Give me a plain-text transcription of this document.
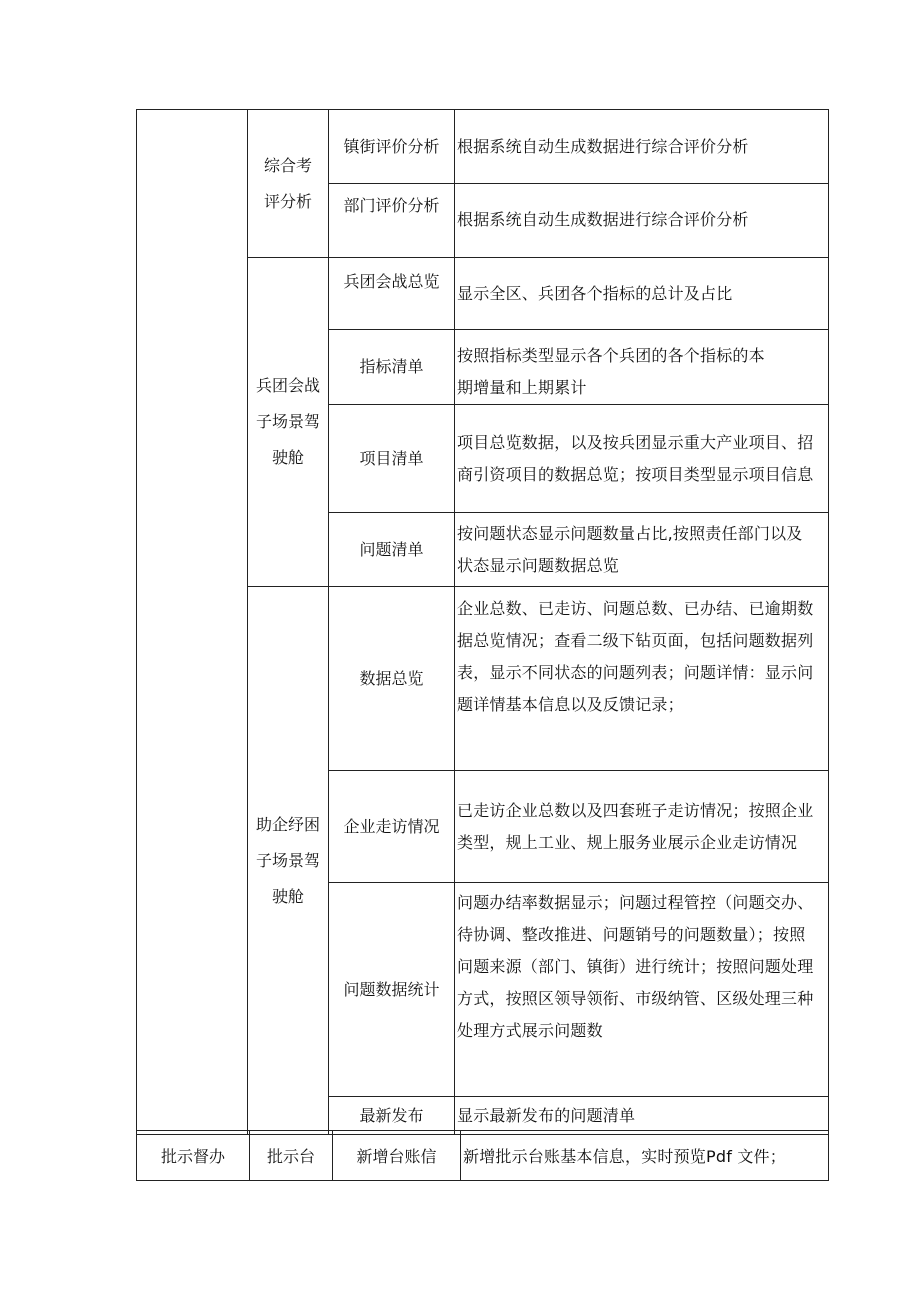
	综合考
评分析	镇街评价分析	根据系统自动生成数据进行综合评价分析
		部门评价分析	根据系统自动生成数据进行综合评价分析

	兵团会战
子场景驾
驶舱	兵团会战总览	显示全区、兵团各个指标的总计及占比
		指标清单	按照指标类型显示各个兵团的各个指标的本
期增量和上期累计

		项目清单	项目总览数据，以及按兵团显示重大产业项目、招
商引资项目的数据总览；按项目类型显示项目信息

		问题清单	按问题状态显示问题数量占比,按照责任部门以及
状态显示问题数据总览

	助企纾困
子场景驾
驶舱	数据总览	企业总数、已走访、问题总数、已办结、已逾期数
据总览情况；查看二级下钻页面，包括问题数据列
表，显示不同状态的问题列表；问题详情：显示问
题详情基本信息以及反馈记录；

		企业走访情况	已走访企业总数以及四套班子走访情况；按照企业
类型，规上工业、规上服务业展示企业走访情况

		问题数据统计	问题办结率数据显示；问题过程管控（问题交办、
待协调、整改推进、问题销号的问题数量）；按照
问题来源（部门、镇街）进行统计；按照问题处理
方式，按照区领导领衔、市级纳管、区级处理三种
处理方式展示问题数

		最新发布	显示最新发布的问题清单
批示督办	批示台	新增台账信	新增批示台账基本信息，实时预览Pdf 文件；
